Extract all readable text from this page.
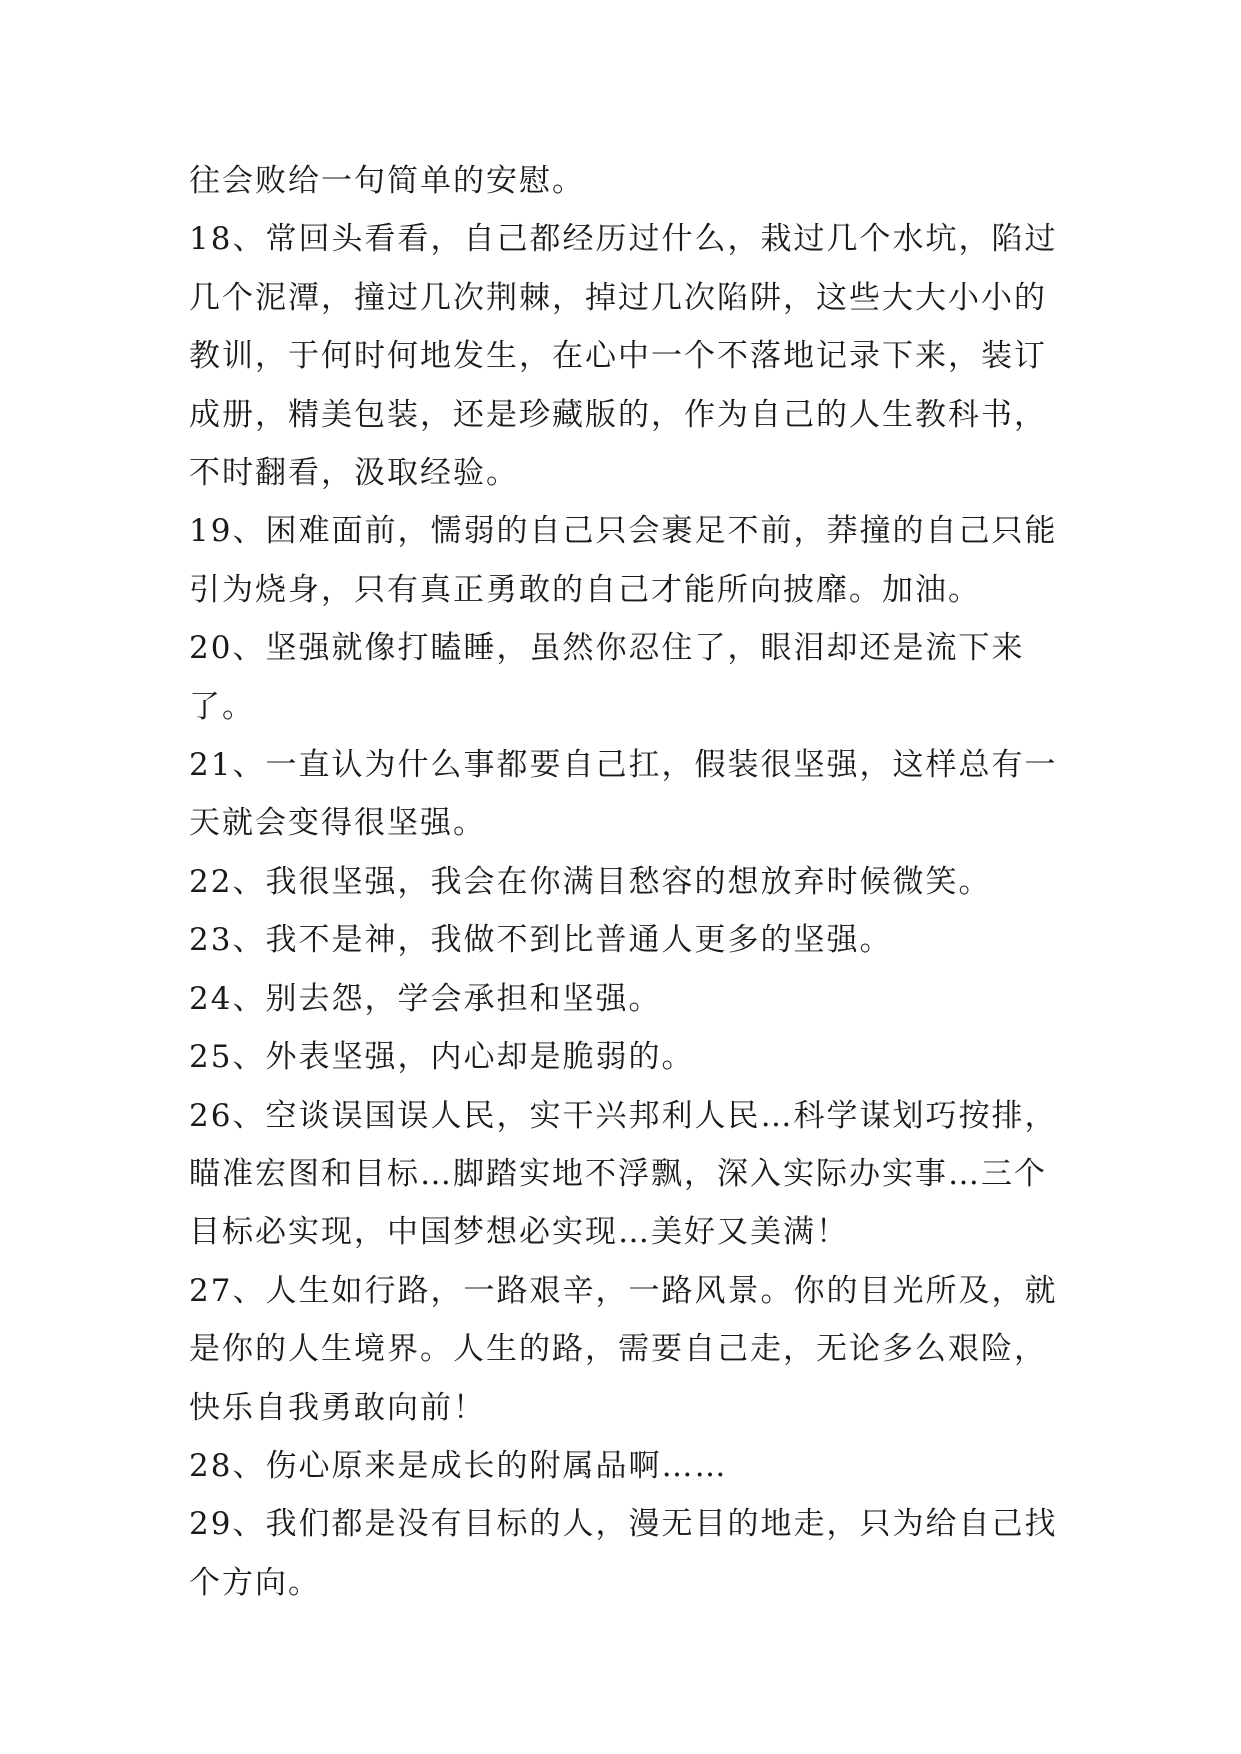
往会败给一句简单的安慰。

18、常回头看看，自己都经历过什么，栽过几个水坑，陷过几个泥潭，撞过几次荆棘，掉过几次陷阱，这些大大小小的教训，于何时何地发生，在心中一个不落地记录下来，装订成册，精美包装，还是珍藏版的，作为自己的人生教科书，不时翻看，汲取经验。

19、困难面前，懦弱的自己只会裹足不前，莽撞的自己只能引为烧身，只有真正勇敢的自己才能所向披靡。加油。

20、坚强就像打瞌睡，虽然你忍住了，眼泪却还是流下来了。

21、一直认为什么事都要自己扛，假装很坚强，这样总有一天就会变得很坚强。

22、我很坚强，我会在你满目愁容的想放弃时候微笑。

23、我不是神，我做不到比普通人更多的坚强。

24、别去怨，学会承担和坚强。

25、外表坚强，内心却是脆弱的。

26、空谈误国误人民，实干兴邦利人民…科学谋划巧按排，瞄准宏图和目标…脚踏实地不浮飘，深入实际办实事…三个目标必实现，中国梦想必实现…美好又美满！

27、人生如行路，一路艰辛，一路风景。你的目光所及，就是你的人生境界。人生的路，需要自己走，无论多么艰险，快乐自我勇敢向前！

28、伤心原来是成长的附属品啊……

29、我们都是没有目标的人，漫无目的地走，只为给自己找个方向。
